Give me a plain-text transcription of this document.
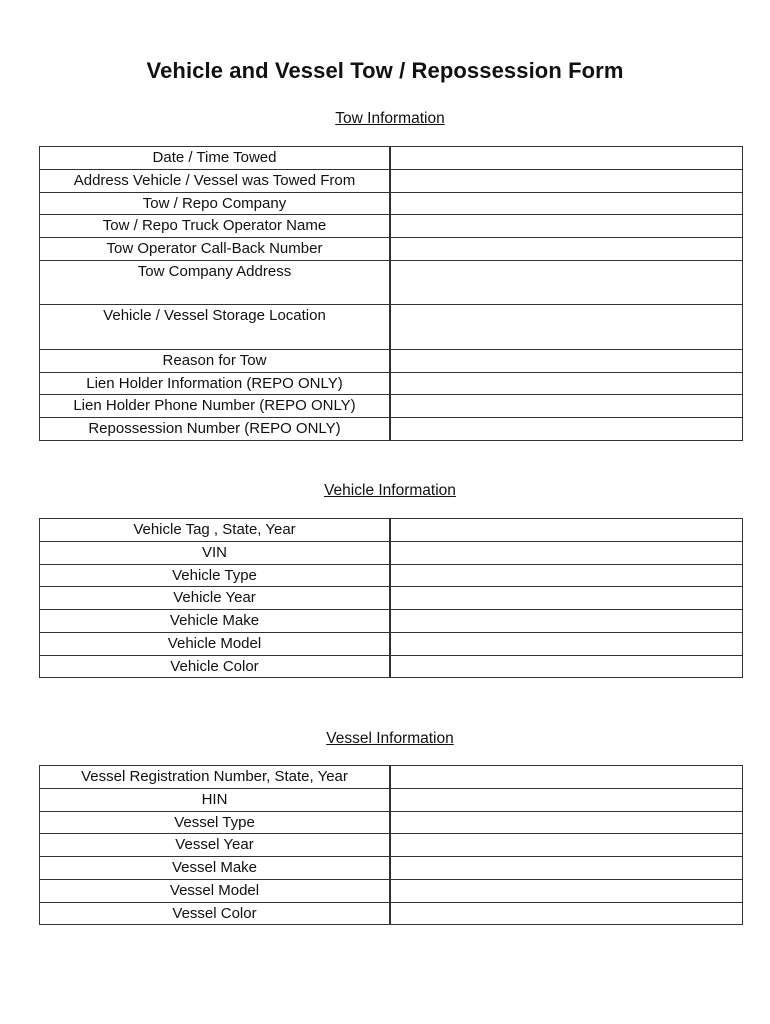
Vehicle and Vessel Tow / Repossession Form
Tow Information
Date / Time Towed	
Address Vehicle / Vessel was Towed From	
Tow / Repo Company	
Tow / Repo Truck Operator Name	
Tow Operator Call-Back Number	
Tow Company Address	
Vehicle / Vessel Storage Location	
Reason for Tow	
Lien Holder Information (REPO ONLY)	
Lien Holder Phone Number (REPO ONLY)	
Repossession Number (REPO ONLY)	
Vehicle Information
Vehicle Tag , State, Year	
VIN	
Vehicle Type	
Vehicle Year	
Vehicle Make	
Vehicle Model	
Vehicle Color	
Vessel Information
Vessel Registration Number, State, Year	
HIN	
Vessel Type	
Vessel Year	
Vessel Make	
Vessel Model	
Vessel Color	
